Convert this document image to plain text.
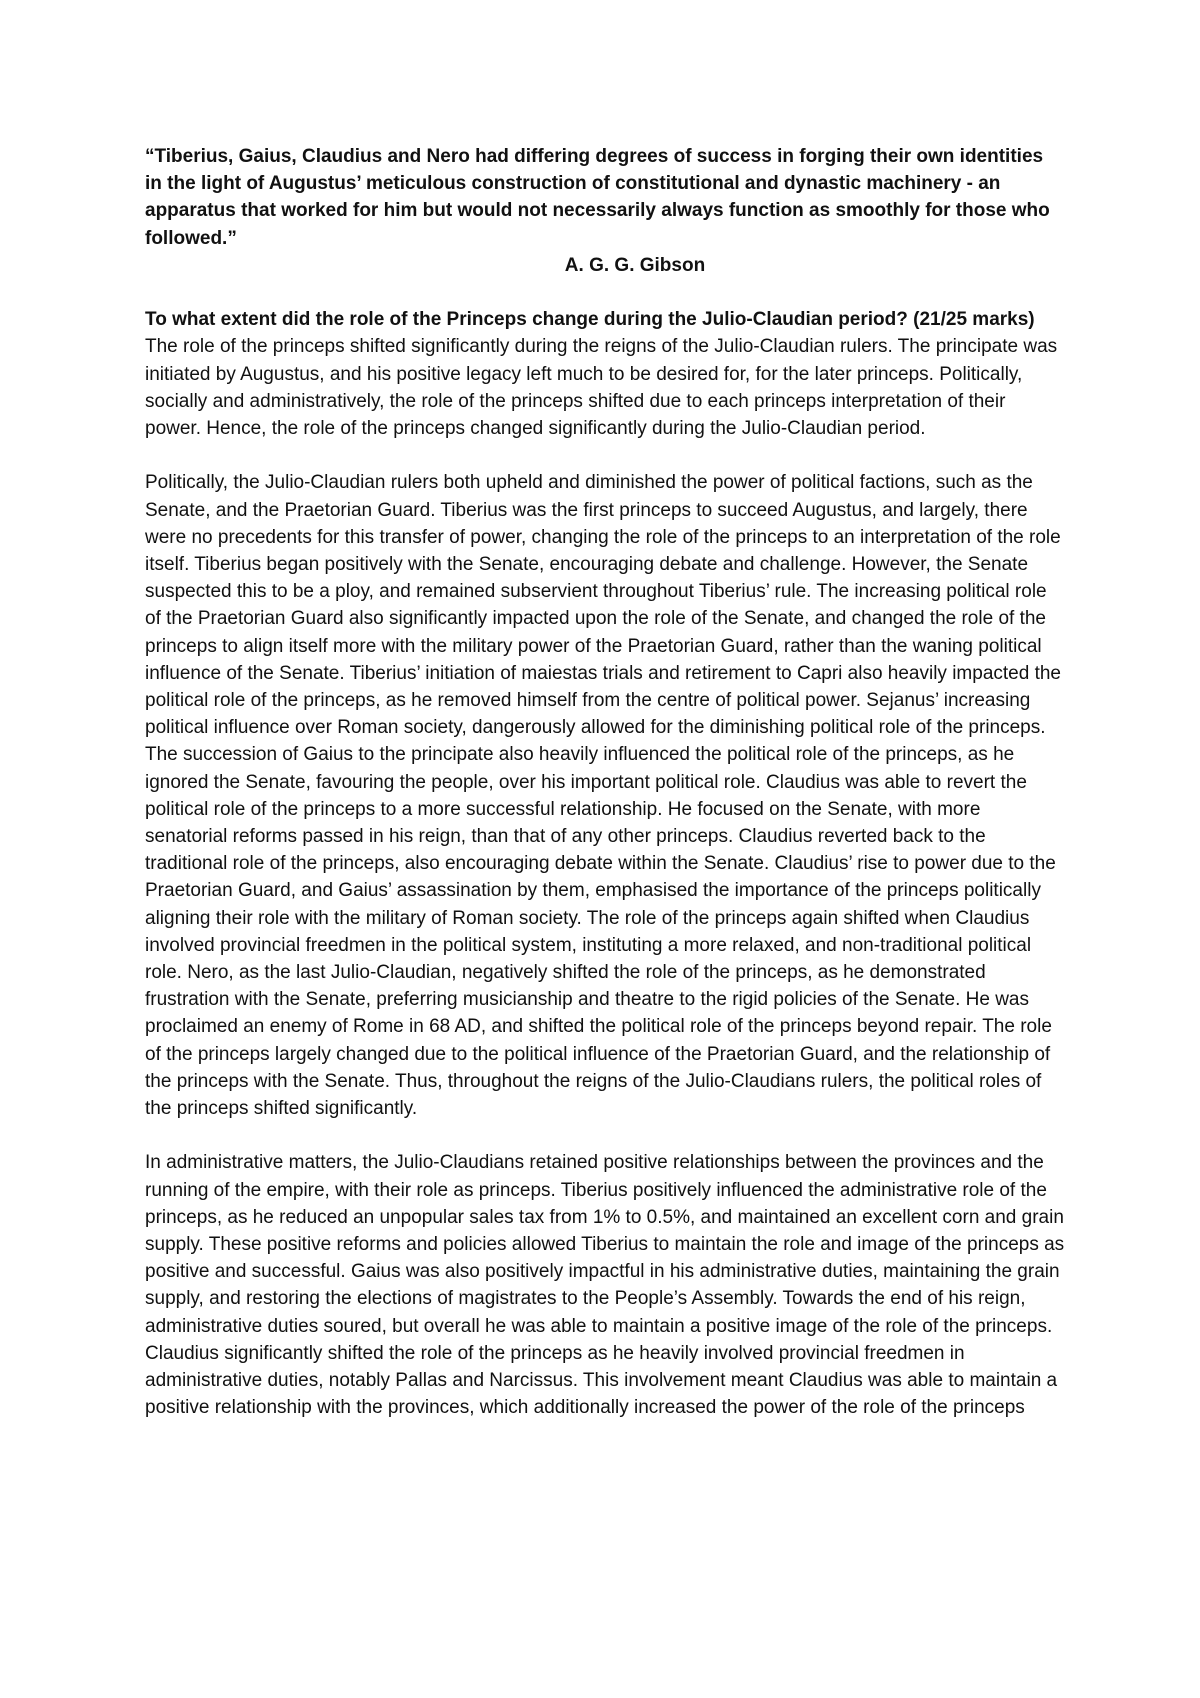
“Tiberius, Gaius, Claudius and Nero had differing degrees of success in forging their own identities in the light of Augustus’ meticulous construction of constitutional and dynastic machinery - an apparatus that worked for him but would not necessarily always function as smoothly for those who followed.”

A. G. G. Gibson

To what extent did the role of the Princeps change during the Julio-Claudian period? (21/25 marks)

The role of the princeps shifted significantly during the reigns of the Julio-Claudian rulers. The principate was initiated by Augustus, and his positive legacy left much to be desired for, for the later princeps. Politically, socially and administratively, the role of the princeps shifted due to each princeps interpretation of their power. Hence, the role of the princeps changed significantly during the Julio-Claudian period.

Politically, the Julio-Claudian rulers both upheld and diminished the power of political factions, such as the Senate, and the Praetorian Guard. Tiberius was the first princeps to succeed Augustus, and largely, there were no precedents for this transfer of power, changing the role of the princeps to an interpretation of the role itself. Tiberius began positively with the Senate, encouraging debate and challenge. However, the Senate suspected this to be a ploy, and remained subservient throughout Tiberius’ rule. The increasing political role of the Praetorian Guard also significantly impacted upon the role of the Senate, and changed the role of the princeps to align itself more with the military power of the Praetorian Guard, rather than the waning political influence of the Senate. Tiberius’ initiation of maiestas trials and retirement to Capri also heavily impacted the political role of the princeps, as he removed himself from the centre of political power. Sejanus’ increasing political influence over Roman society, dangerously allowed for the diminishing political role of the princeps. The succession of Gaius to the principate also heavily influenced the political role of the princeps, as he ignored the Senate, favouring the people, over his important political role. Claudius was able to revert the political role of the princeps to a more successful relationship. He focused on the Senate, with more senatorial reforms passed in his reign, than that of any other princeps. Claudius reverted back to the traditional role of the princeps, also encouraging debate within the Senate. Claudius’ rise to power due to the Praetorian Guard, and Gaius’ assassination by them, emphasised the importance of the princeps politically aligning their role with the military of Roman society. The role of the princeps again shifted when Claudius involved provincial freedmen in the political system, instituting a more relaxed, and non-traditional political role. Nero, as the last Julio-Claudian, negatively shifted the role of the princeps, as he demonstrated frustration with the Senate, preferring musicianship and theatre to the rigid policies of the Senate. He was proclaimed an enemy of Rome in 68 AD, and shifted the political role of the princeps beyond repair. The role of the princeps largely changed due to the political influence of the Praetorian Guard, and the relationship of the princeps with the Senate. Thus, throughout the reigns of the Julio-Claudians rulers, the political roles of the princeps shifted significantly.

In administrative matters, the Julio-Claudians retained positive relationships between the provinces and the running of the empire, with their role as princeps. Tiberius positively influenced the administrative role of the princeps, as he reduced an unpopular sales tax from 1% to 0.5%, and maintained an excellent corn and grain supply. These positive reforms and policies allowed Tiberius to maintain the role and image of the princeps as positive and successful. Gaius was also positively impactful in his administrative duties, maintaining the grain supply, and restoring the elections of magistrates to the People’s Assembly. Towards the end of his reign, administrative duties soured, but overall he was able to maintain a positive image of the role of the princeps. Claudius significantly shifted the role of the princeps as he heavily involved provincial freedmen in administrative duties, notably Pallas and Narcissus. This involvement meant Claudius was able to maintain a positive relationship with the provinces, which additionally increased the power of the role of the princeps
